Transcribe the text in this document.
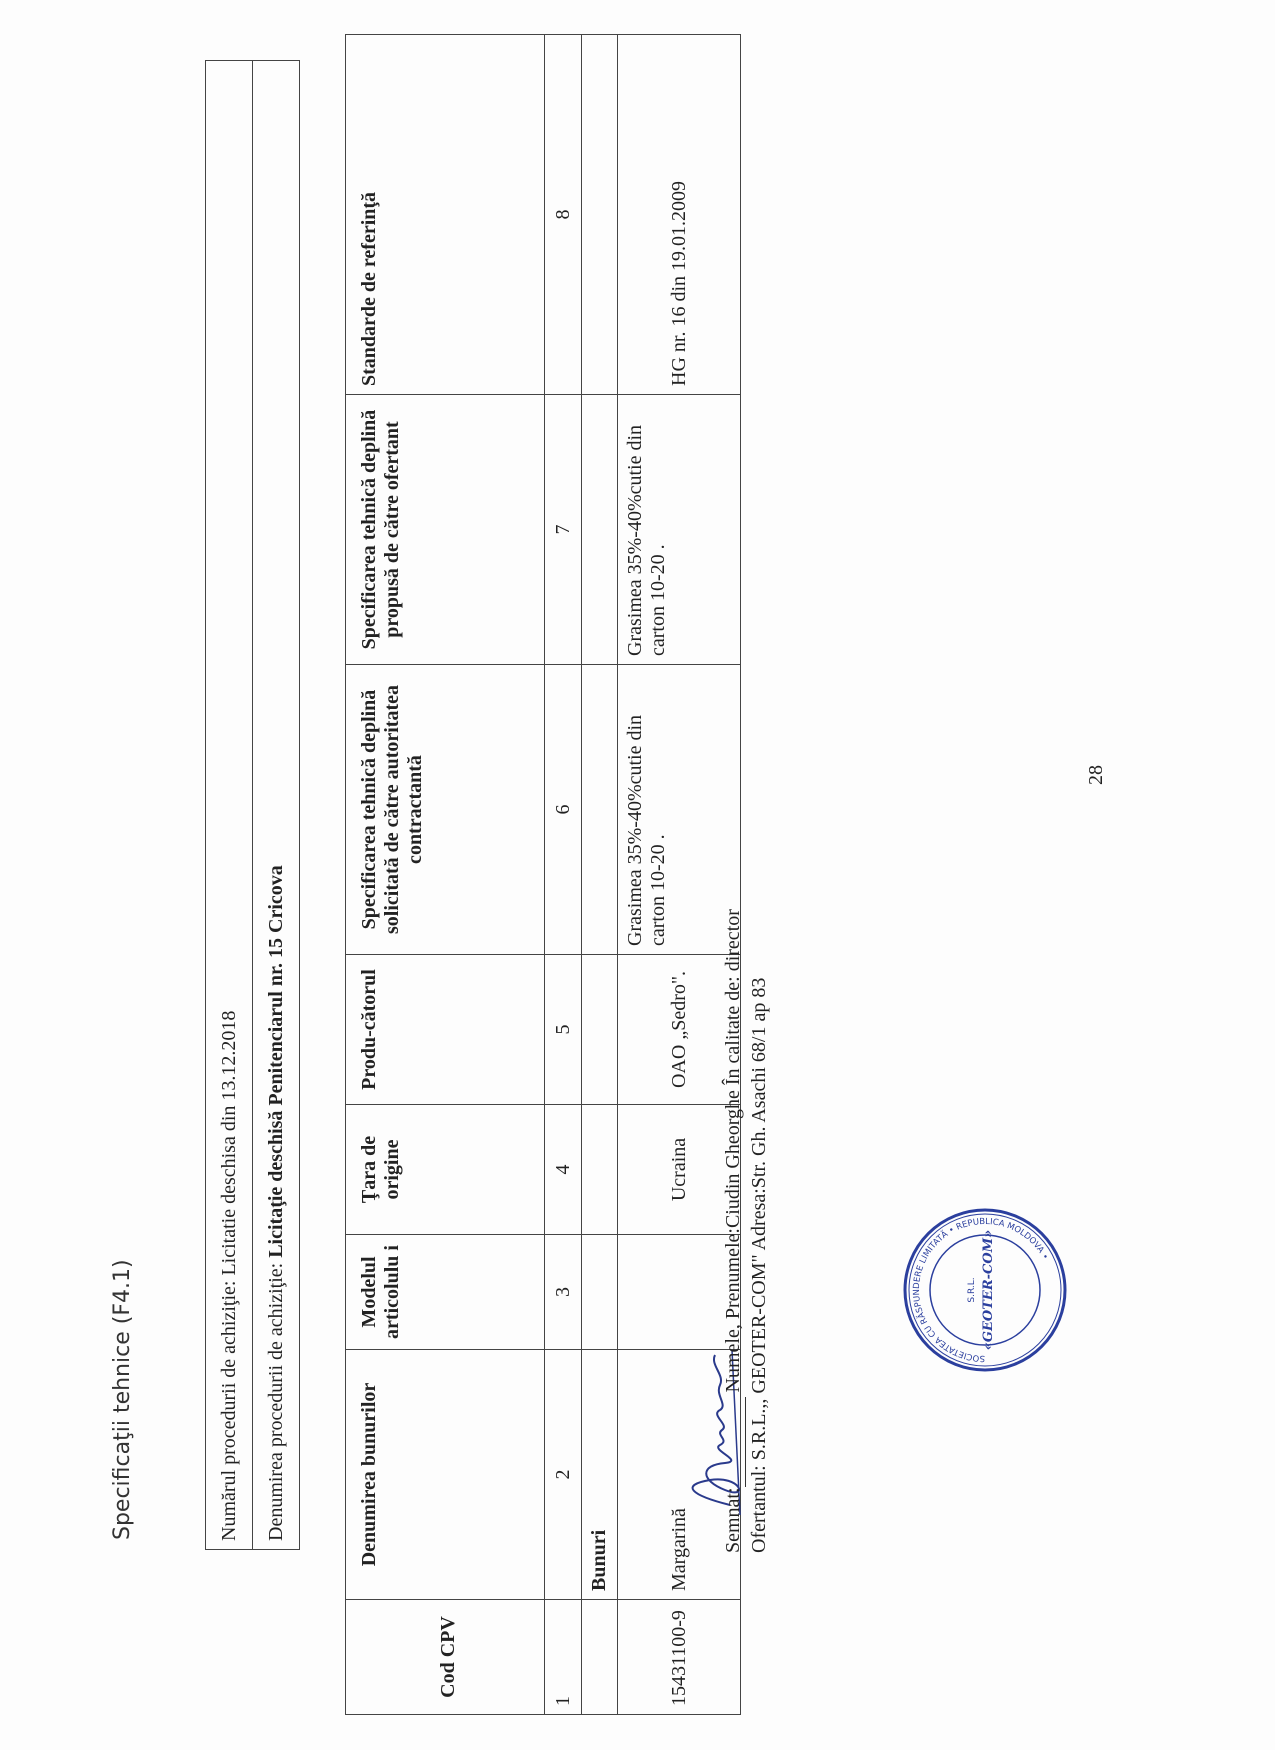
Specificaţii tehnice (F4.1)	Numărul procedurii de achiziţie: Licitatie deschisa din 13.12.2018
Denumirea procedurii de achiziţie: Licitaţie deschisă Penitenciarul nr. 15 Cricova
Cod CPV	Denumirea bunurilor	Modelul articolulu i	Ţara de origine	Produ-cătorul	Specificarea tehnică deplină solicitată de către autoritatea contractantă	Specificarea tehnică deplină propusă de către ofertant	Standarde de referinţă
1	2	3	4	5	6	7	8
	Bunuri						
15431100-9	Margarină		Ucraina	OAO „Sedro".	Grasimea 35%-40%cutie din carton 10-20 .	Grasimea 35%-40%cutie din carton 10-20 .	HG nr. 16 din 19.01.2009
Semnat: Numele, Prenumele:Ciudin Gheorghe În calitate de: director Ofertantul: S.R.L.,, GEOTER-COM" Adresa:Str. Gh. Asachi 68/1 ap 83
28
SOCIETATEA CU RĂSPUNDERE LIMITATĂ • REPUBLICA MOLDOVA •
S.R.L. «GEOTER-COM»
